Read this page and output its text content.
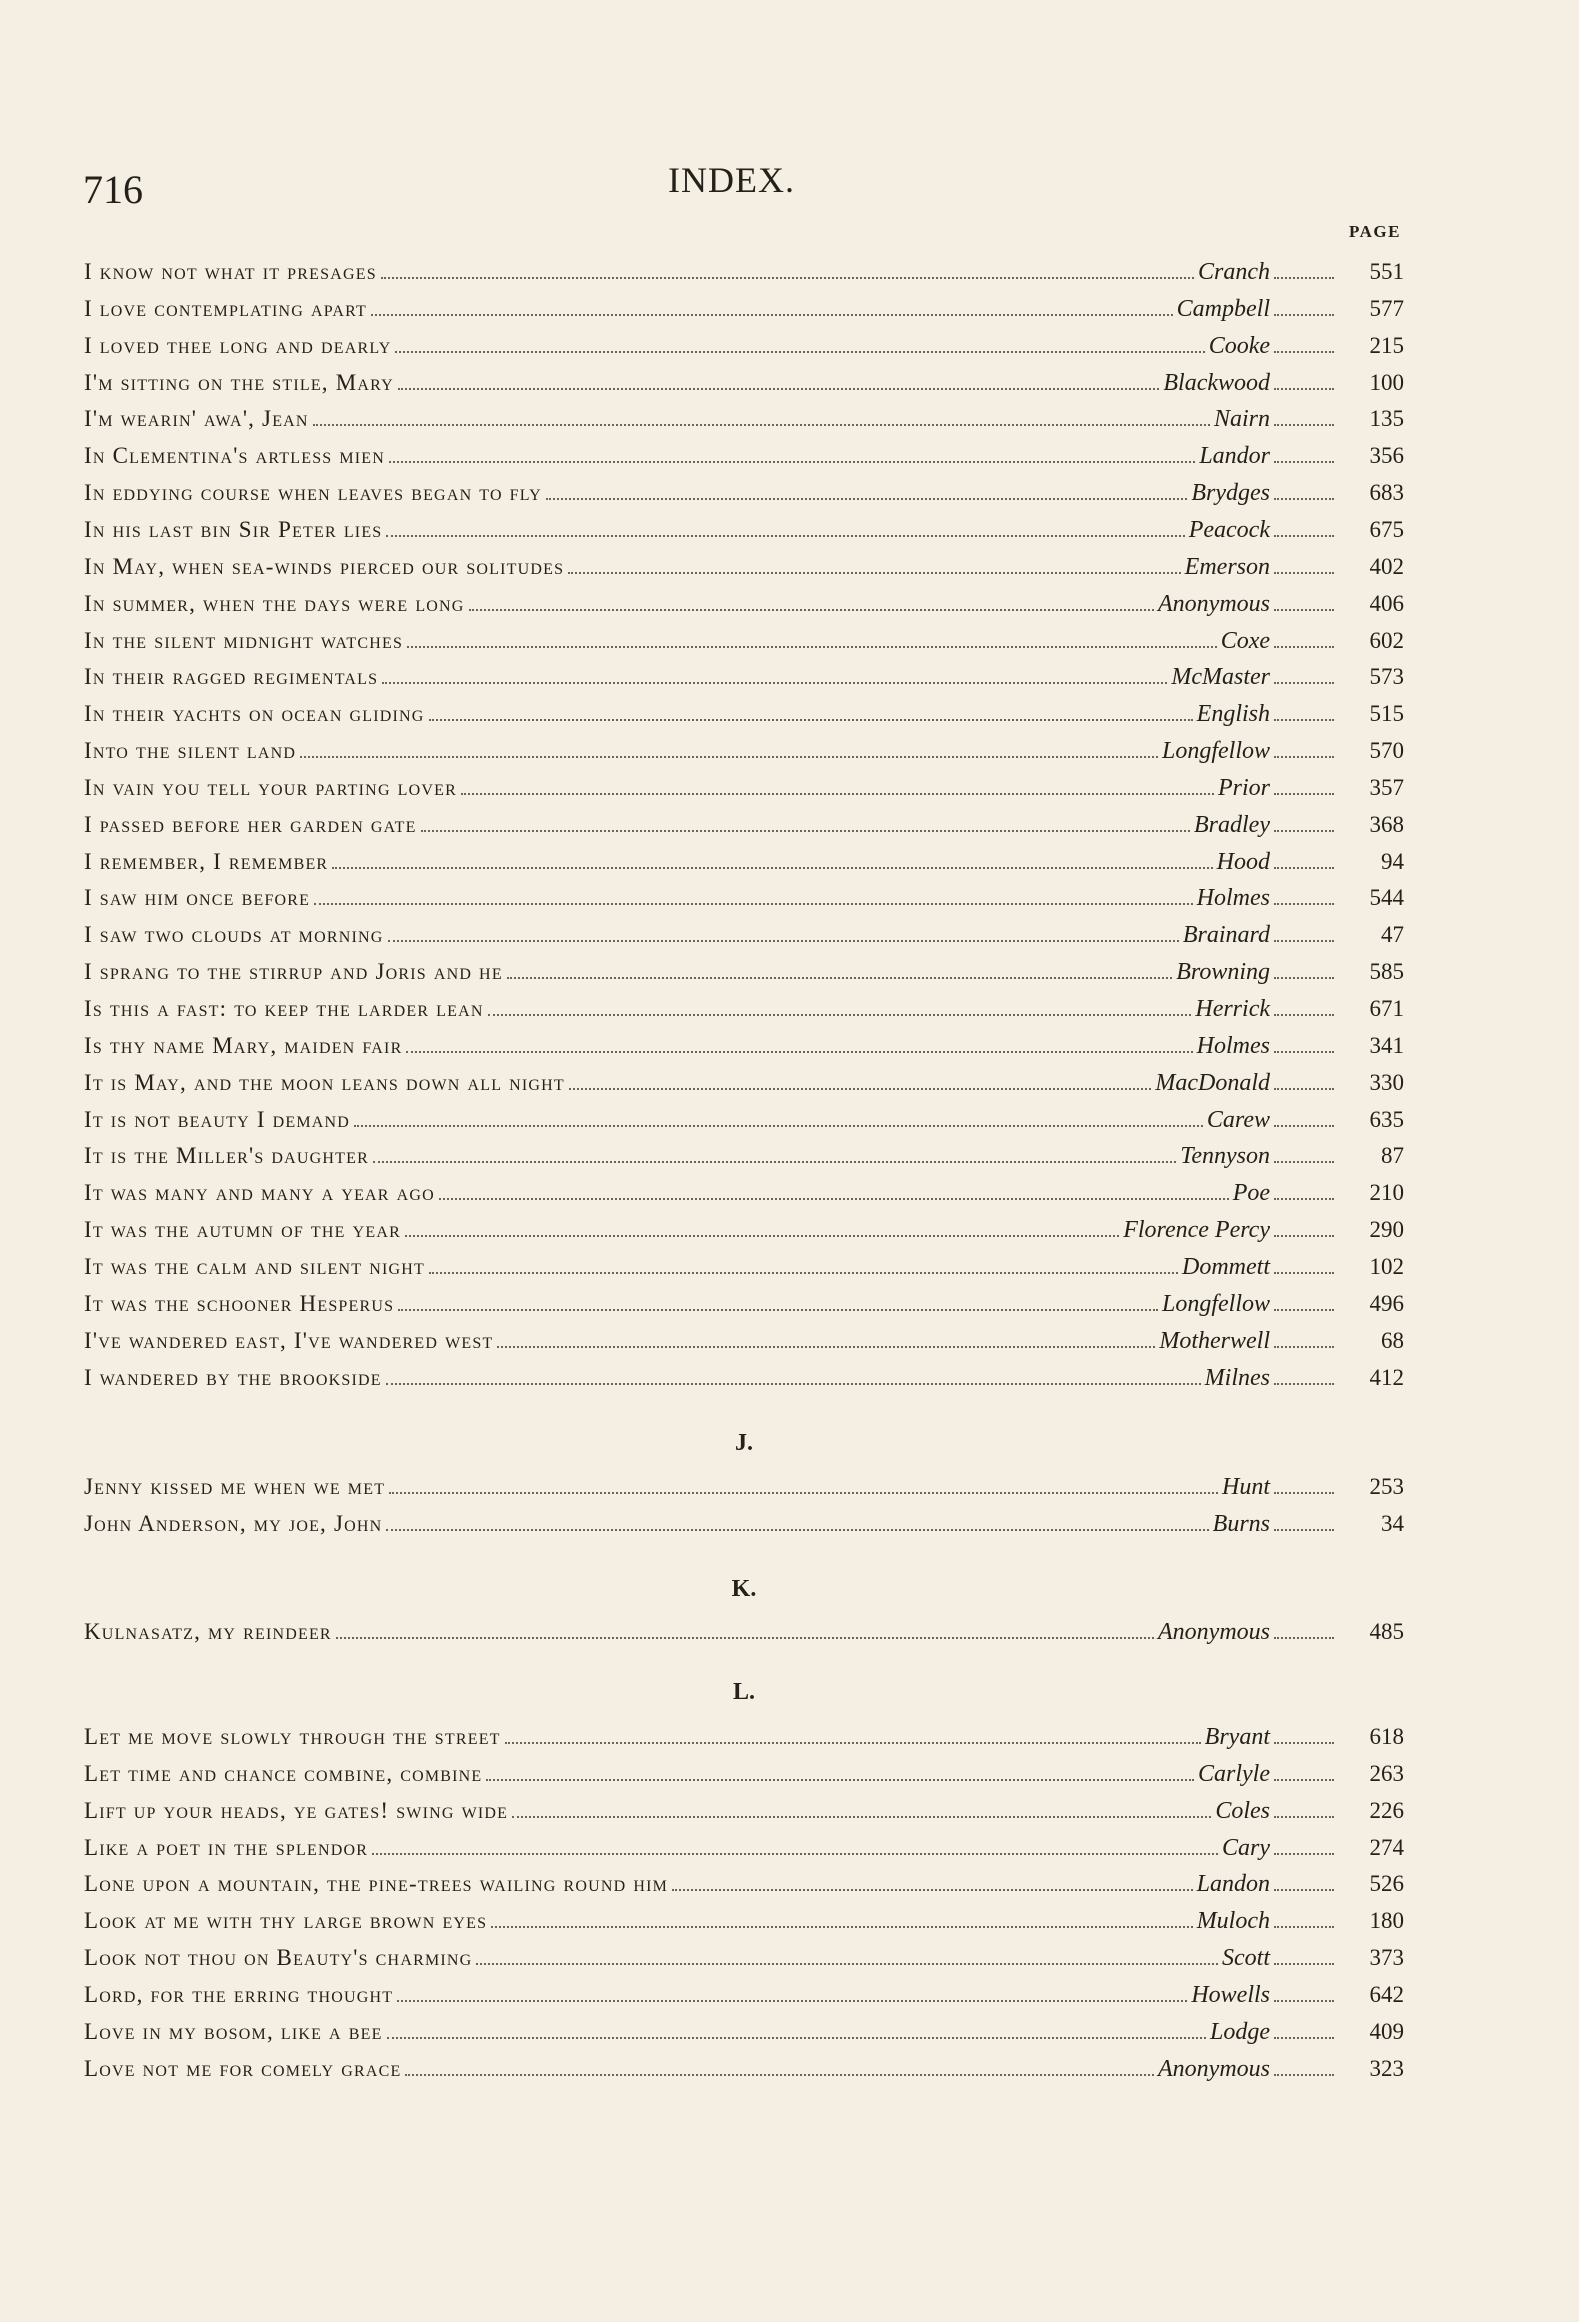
716	INDEX.
PAGE
I know not what it presages	Cranch	551
I love contemplating apart	Campbell	577
I loved thee long and dearly	Cooke	215
I'm sitting on the stile, Mary	Blackwood	100
I'm wearin' awa', Jean	Nairn	135
In Clementina's artless mien	Landor	356
In eddying course when leaves began to fly	Brydges	683
In his last bin Sir Peter lies	Peacock	675
In May, when sea-winds pierced our solitudes	Emerson	402
In summer, when the days were long	Anonymous	406
In the silent midnight watches	Coxe	602
In their ragged regimentals	McMaster	573
In their yachts on ocean gliding	English	515
Into the silent land	Longfellow	570
In vain you tell your parting lover	Prior	357
I passed before her garden gate	Bradley	368
I remember, I remember	Hood	94
I saw him once before	Holmes	544
I saw two clouds at morning	Brainard	47
I sprang to the stirrup and Joris and he	Browning	585
Is this a fast: to keep the larder lean	Herrick	671
Is thy name Mary, maiden fair	Holmes	341
It is May, and the moon leans down all night	MacDonald	330
It is not beauty I demand	Carew	635
It is the Miller's daughter	Tennyson	87
It was many and many a year ago	Poe	210
It was the autumn of the year	Florence Percy	290
It was the calm and silent night	Dommett	102
It was the schooner Hesperus	Longfellow	496
I've wandered east, I've wandered west	Motherwell	68
I wandered by the brookside	Milnes	412
J.
Jenny kissed me when we met	Hunt	253
John Anderson, my joe, John	Burns	34
K.
Kulnasatz, my reindeer	Anonymous	485
L.
Let me move slowly through the street	Bryant	618
Let time and chance combine, combine	Carlyle	263
Lift up your heads, ye gates! swing wide	Coles	226
Like a poet in the splendor	Cary	274
Lone upon a mountain, the pine-trees wailing round him	Landon	526
Look at me with thy large brown eyes	Muloch	180
Look not thou on Beauty's charming	Scott	373
Lord, for the erring thought	Howells	642
Love in my bosom, like a bee	Lodge	409
Love not me for comely grace	Anonymous	323
